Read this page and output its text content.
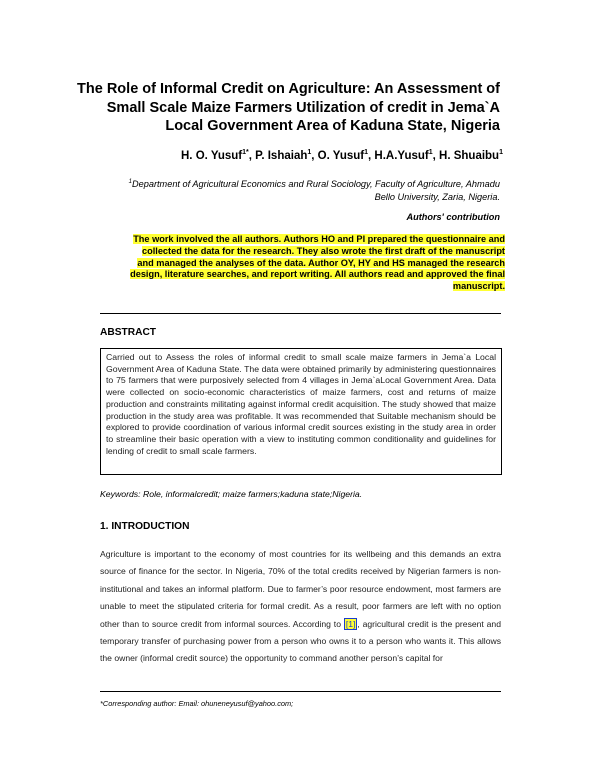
The Role of Informal Credit on Agriculture: An Assessment of
Small Scale Maize Farmers Utilization of credit in Jema`A
Local Government Area of Kaduna State, Nigeria
H. O. Yusuf$^{1*}$, P. Ishaiah$^1$, O. Yusuf$^1$, H.A.Yusuf$^1$, H. Shuaibu$^1$
$^1$Department of Agricultural Economics and Rural Sociology, Faculty of Agriculture, Ahmadu
Bello University, Zaria, Nigeria.
Authors' contribution
The work involved the all authors. Authors HO and PI prepared the questionnaire and
collected the data for the research. They also wrote the first draft of the manuscript
and managed the analyses of the data. Author OY, HY and HS managed the research
design, literature searches, and report writing. All authors read and approved the final
manuscript.
ABSTRACT
Carried out to Assess the roles of informal credit to small scale maize farmers in Jema`a Local Government Area of Kaduna State. The data were obtained primarily by administering questionnaires to 75 farmers that were purposively selected from 4 villages in Jema`aLocal Government Area. Data were collected on socio-economic characteristics of maize farmers, cost and returns of maize production and constraints militating against informal credit acquisition. The study showed that maize production in the study area was profitable. It was recommended that Suitable mechanism should be explored to provide coordination of various informal credit sources existing in the study area in order to streamline their basic operation with a view to instituting common conditionality and guidelines for lending of credit to small scale farmers.
Keywords: Role, informalcredit; maize farmers;kaduna state;Nigeria.
1. INTRODUCTION
Agriculture is important to the economy of most countries for its wellbeing and this demands an extra source of finance for the sector. In Nigeria, 70% of the total credits received by Nigerian farmers is non-institutional and takes an informal platform. Due to farmer’s poor resource endowment, most farmers are unable to meet the stipulated criteria for formal credit. As a result, poor farmers are left with no option other than to source credit from informal sources. According to [1] , agricultural credit is the present and temporary transfer of purchasing power from a person who owns it to a person who wants it. This allows the owner (informal credit source) the opportunity to command another person’s capital for
*Corresponding author: Email: ohuneneyusuf@yahoo.com;
